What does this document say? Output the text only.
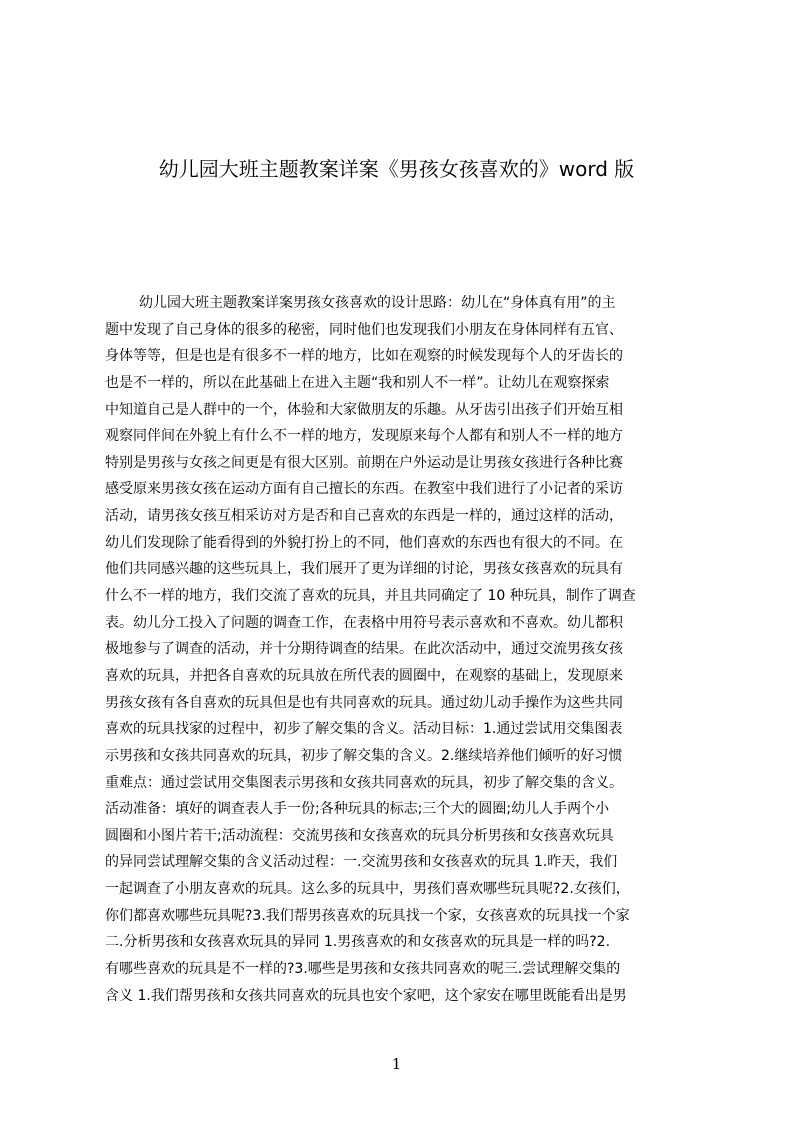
幼儿园大班主题教案详案《男孩女孩喜欢的》word 版
幼儿园大班主题教案详案男孩女孩喜欢的设计思路：幼儿在“身体真有用”的主
题中发现了自己身体的很多的秘密，同时他们也发现我们小朋友在身体同样有五官、
身体等等，但是也是有很多不一样的地方，比如在观察的时候发现每个人的牙齿长的
也是不一样的，所以在此基础上在进入主题“我和别人不一样”。让幼儿在观察探索
中知道自己是人群中的一个，体验和大家做朋友的乐趣。从牙齿引出孩子们开始互相
观察同伴间在外貌上有什么不一样的地方，发现原来每个人都有和别人不一样的地方
特别是男孩与女孩之间更是有很大区别。前期在户外运动是让男孩女孩进行各种比赛
感受原来男孩女孩在运动方面有自己擅长的东西。在教室中我们进行了小记者的采访
活动，请男孩女孩互相采访对方是否和自己喜欢的东西是一样的，通过这样的活动，
幼儿们发现除了能看得到的外貌打扮上的不同，他们喜欢的东西也有很大的不同。在
他们共同感兴趣的这些玩具上，我们展开了更为详细的讨论，男孩女孩喜欢的玩具有
什么不一样的地方，我们交流了喜欢的玩具，并且共同确定了 10 种玩具，制作了调查
表。幼儿分工投入了问题的调查工作，在表格中用符号表示喜欢和不喜欢。幼儿都积
极地参与了调查的活动，并十分期待调查的结果。在此次活动中，通过交流男孩女孩
喜欢的玩具，并把各自喜欢的玩具放在所代表的圆圈中，在观察的基础上，发现原来
男孩女孩有各自喜欢的玩具但是也有共同喜欢的玩具。通过幼儿动手操作为这些共同
喜欢的玩具找家的过程中，初步了解交集的含义。活动目标：1.通过尝试用交集图表
示男孩和女孩共同喜欢的玩具，初步了解交集的含义。2.继续培养他们倾听的好习惯
重难点：通过尝试用交集图表示男孩和女孩共同喜欢的玩具，初步了解交集的含义。
活动准备：填好的调查表人手一份;各种玩具的标志;三个大的圆圈;幼儿人手两个小
圆圈和小图片若干;活动流程：交流男孩和女孩喜欢的玩具分析男孩和女孩喜欢玩具
的异同尝试理解交集的含义活动过程：一.交流男孩和女孩喜欢的玩具 1.昨天，我们
一起调查了小朋友喜欢的玩具。这么多的玩具中，男孩们喜欢哪些玩具呢?2.女孩们，
你们都喜欢哪些玩具呢?3.我们帮男孩喜欢的玩具找一个家，女孩喜欢的玩具找一个家
二.分析男孩和女孩喜欢玩具的异同 1.男孩喜欢的和女孩喜欢的玩具是一样的吗?2.
有哪些喜欢的玩具是不一样的?3.哪些是男孩和女孩共同喜欢的呢三.尝试理解交集的
含义 1.我们帮男孩和女孩共同喜欢的玩具也安个家吧，这个家安在哪里既能看出是男
1
